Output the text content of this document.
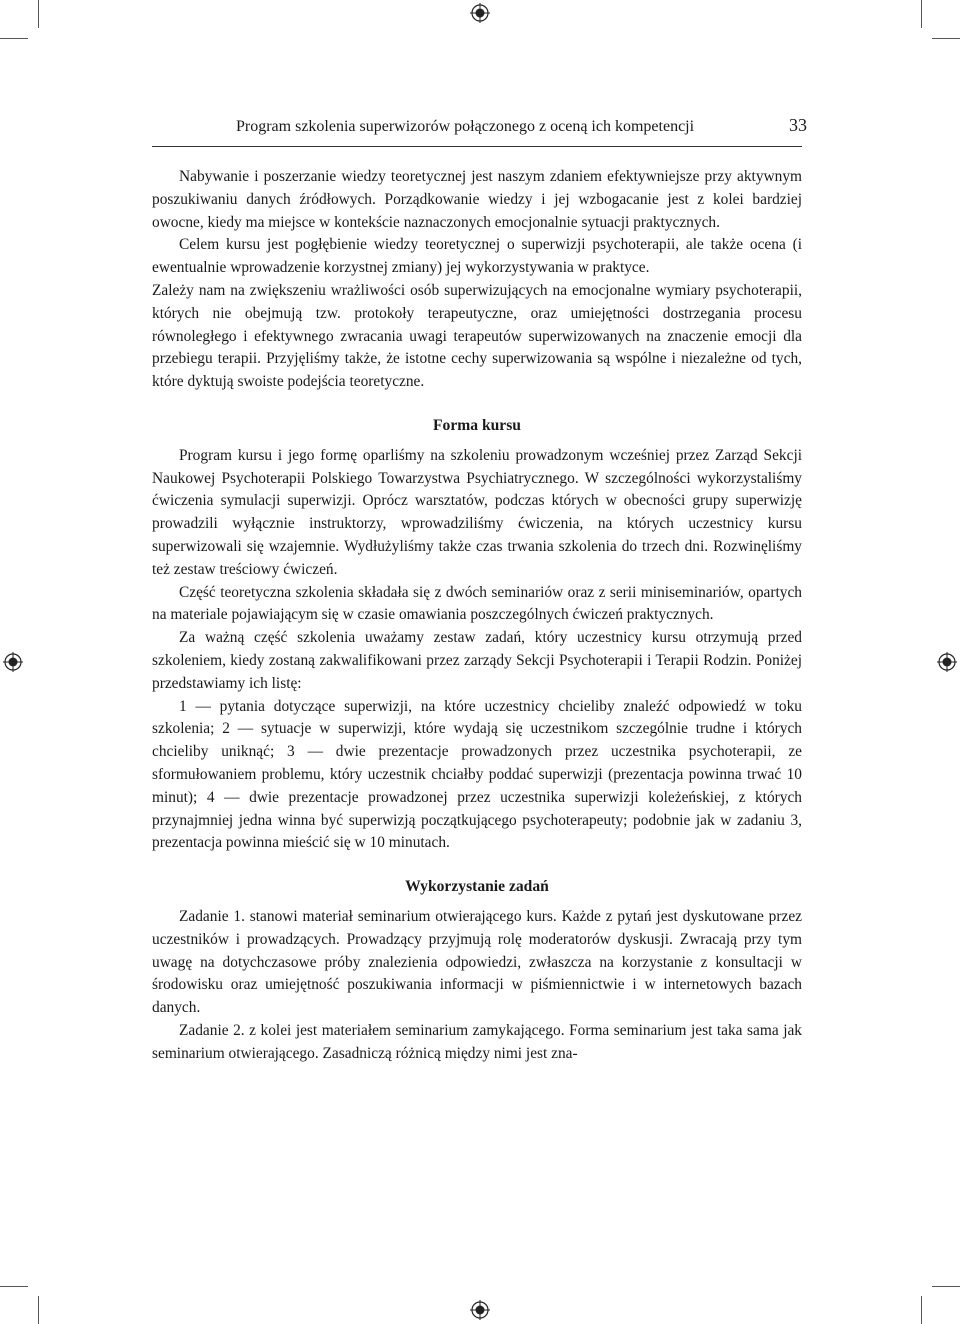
Program szkolenia superwizorów połączonego z oceną ich kompetencji	33

Nabywanie i poszerzanie wiedzy teoretycznej jest naszym zdaniem efektywniejsze przy aktywnym poszukiwaniu danych źródłowych. Porządkowanie wiedzy i jej wzbogacanie jest z kolei bardziej owocne, kiedy ma miejsce w kontekście naznaczonych emocjonalnie sytuacji praktycznych.

Celem kursu jest pogłębienie wiedzy teoretycznej o superwizji psychoterapii, ale także ocena (i ewentualnie wprowadzenie korzystnej zmiany) jej wykorzystywania w praktyce.

Zależy nam na zwiększeniu wrażliwości osób superwizujących na emocjonalne wymiary psychoterapii, których nie obejmują tzw. protokoły terapeutyczne, oraz umiejętności dostrzegania procesu równoległego i efektywnego zwracania uwagi terapeutów superwizowanych na znaczenie emocji dla przebiegu terapii. Przyjęliśmy także, że istotne cechy superwizowania są wspólne i niezależne od tych, które dyktują swoiste podejścia teoretyczne.

Forma kursu

Program kursu i jego formę oparliśmy na szkoleniu prowadzonym wcześniej przez Zarząd Sekcji Naukowej Psychoterapii Polskiego Towarzystwa Psychiatrycznego. W szczególności wykorzystaliśmy ćwiczenia symulacji superwizji. Oprócz warsztatów, podczas których w obecności grupy superwizję prowadzili wyłącznie instruktorzy, wprowadziliśmy ćwiczenia, na których uczestnicy kursu superwizowali się wzajemnie. Wydłużyliśmy także czas trwania szkolenia do trzech dni. Rozwinęliśmy też zestaw treściowy ćwiczeń.

Część teoretyczna szkolenia składała się z dwóch seminariów oraz z serii miniseminariów, opartych na materiale pojawiającym się w czasie omawiania poszczególnych ćwiczeń praktycznych.

Za ważną część szkolenia uważamy zestaw zadań, który uczestnicy kursu otrzymują przed szkoleniem, kiedy zostaną zakwalifikowani przez zarządy Sekcji Psychoterapii i Terapii Rodzin. Poniżej przedstawiamy ich listę:

1 — pytania dotyczące superwizji, na które uczestnicy chcieliby znaleźć odpowiedź w toku szkolenia; 2 — sytuacje w superwizji, które wydają się uczestnikom szczególnie trudne i których chcieliby uniknąć; 3 — dwie prezentacje prowadzonych przez uczestnika psychoterapii, ze sformułowaniem problemu, który uczestnik chciałby poddać superwizji (prezentacja powinna trwać 10 minut); 4 — dwie prezentacje prowadzonej przez uczestnika superwizji koleżeńskiej, z których przynajmniej jedna winna być superwizją początkującego psychoterapeuty; podobnie jak w zadaniu 3, prezentacja powinna mieścić się w 10 minutach.

Wykorzystanie zadań

Zadanie 1. stanowi materiał seminarium otwierającego kurs. Każde z pytań jest dyskutowane przez uczestników i prowadzących. Prowadzący przyjmują rolę moderatorów dyskusji. Zwracają przy tym uwagę na dotychczasowe próby znalezienia odpowiedzi, zwłaszcza na korzystanie z konsultacji w środowisku oraz umiejętność poszukiwania informacji w piśmiennictwie i w internetowych bazach danych.

Zadanie 2. z kolei jest materiałem seminarium zamykającego. Forma seminarium jest taka sama jak seminarium otwierającego. Zasadniczą różnicą między nimi jest zna-
